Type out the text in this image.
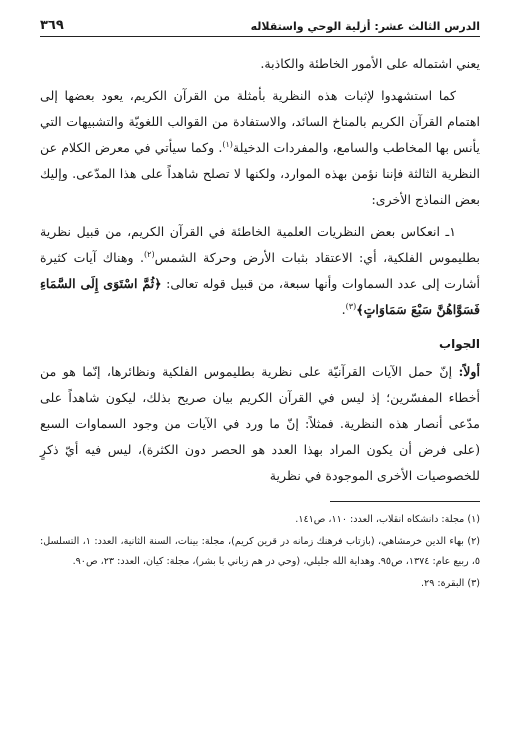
الدرس الثالث عشر: أزلية الوحي واستقلاله
٣٦٩

يعني اشتماله على الأمور الخاطئة والكاذبة.

كما استشهدوا لإثبات هذه النظرية بأمثلة من القرآن الكريم، يعود بعضها إلى اهتمام القرآن الكريم بالمناخ السائد، والاستفادة من القوالب اللغويّة والتشبيهات التي يأنس بها المخاطب والسامع، والمفردات الدخيلة$^{(١)}$. وكما سيأتي في معرض الكلام عن النظرية الثالثة فإننا نؤمن بهذه الموارد، ولكنها لا تصلح شاهداً على هذا المدّعى. وإليك بعض النماذج الأخرى:

١ـ انعكاس بعض النظريات العلمية الخاطئة في القرآن الكريم، من قبيل نظرية بطليموس الفلكية، أي: الاعتقاد بثبات الأرض وحركة الشمس$^{(٢)}$. وهناك آيات كثيرة أشارت إلى عدد السماوات وأنها سبعة، من قبيل قوله تعالى: ﴿ثُمَّ اسْتَوَى إِلَى السَّمَاءِ فَسَوَّاهُنَّ سَبْعَ سَمَاوَاتٍ﴾$^{(٣)}$.

الجواب

أولاً: إنّ حمل الآيات القرآنيّة على نظرية بطليموس الفلكية ونظائرها، إنّما هو من أخطاء المفسّرين؛ إذ ليس في القرآن الكريم بيان صريح بذلك، ليكون شاهداً على مدّعى أنصار هذه النظرية. فمثلاً: إنّ ما ورد في الآيات من وجود السماوات السبع (على فرض أن يكون المراد بهذا العدد هو الحصر دون الكثرة)، ليس فيه أيّ ذكرٍ للخصوصيات الأخرى الموجودة في نظرية

(١) مجلة: دانشكاه انقلاب، العدد: ١١٠، ص١٤١.

(٢) بهاء الدين خرمشاهي، (بازتاب فرهنك زمانه در قرين كريم)، مجلة: بينات، السنة الثانية، العدد: ١، التسلسل: ٥، ربيع عام: ١٣٧٤، ص٩٥. وهداية الله جليلي، (وحي در هم زباني با بشر)، مجلة: كيان، العدد: ٢٣، ص٩٠.

(٣) البقرة: ٢٩.
